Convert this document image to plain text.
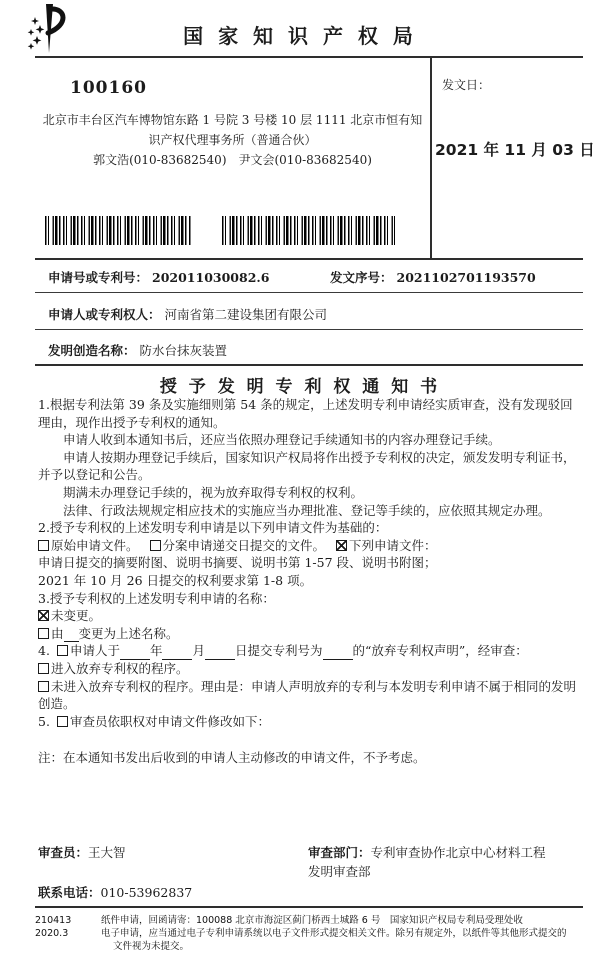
国 家 知 识 产 权 局
100160
北京市丰台区汽车博物馆东路 1 号院 3 号楼 10 层 1111 北京市恒有知
识产权代理事务所（普通合伙）
郭文浩(010-83682540)　尹文会(010-83682540)
发文日：
2021 年 11 月 03 日
申请号或专利号： 202011030082.6	发文序号： 2021102701193570
申请人或专利权人： 河南省第二建设集团有限公司
发明创造名称： 防水台抹灰装置
授 予 发 明 专 利 权 通 知 书

1.根据专利法第 39 条及实施细则第 54 条的规定，上述发明专利申请经实质审查，没有发现驳回理由，现作出授予专利权的通知。

申请人收到本通知书后，还应当依照办理登记手续通知书的内容办理登记手续。

申请人按期办理登记手续后，国家知识产权局将作出授予专利权的决定，颁发发明专利证书，并予以登记和公告。

期满未办理登记手续的，视为放弃取得专利权的权利。

法律、行政法规规定相应技术的实施应当办理批准、登记等手续的，应依照其规定办理。

2.授予专利权的上述发明专利申请是以下列申请文件为基础的：

原始申请文件。 分案申请递交日提交的文件。 下列申请文件：

申请日提交的摘要附图、说明书摘要、说明书第 1-57 段、说明书附图；

2021 年 10 月 26 日提交的权利要求第 1-8 项。

3.授予专利权的上述发明专利申请的名称：

未变更。

由 变更为上述名称。

4. 申请人于 年 月 日提交专利号为 的“放弃专利权声明”，经审查：

进入放弃专利权的程序。

未进入放弃专利权的程序。理由是：申请人声明放弃的专利与本发明专利申请不属于相同的发明创造。

5. 审查员依职权对申请文件修改如下：

注：在本通知书发出后收到的申请人主动修改的申请文件，不予考虑。
审查员：王大智	审查部门：专利审查协作北京中心材料工程
发明审查部
联系电话：010-53962837
210413	纸件申请，回函请寄：100088 北京市海淀区蓟门桥西土城路 6 号　国家知识产权局专利局受理处收
2020.3	电子申请，应当通过电子专利申请系统以电子文件形式提交相关文件。除另有规定外，以纸件等其他形式提交的
文件视为未提交。
